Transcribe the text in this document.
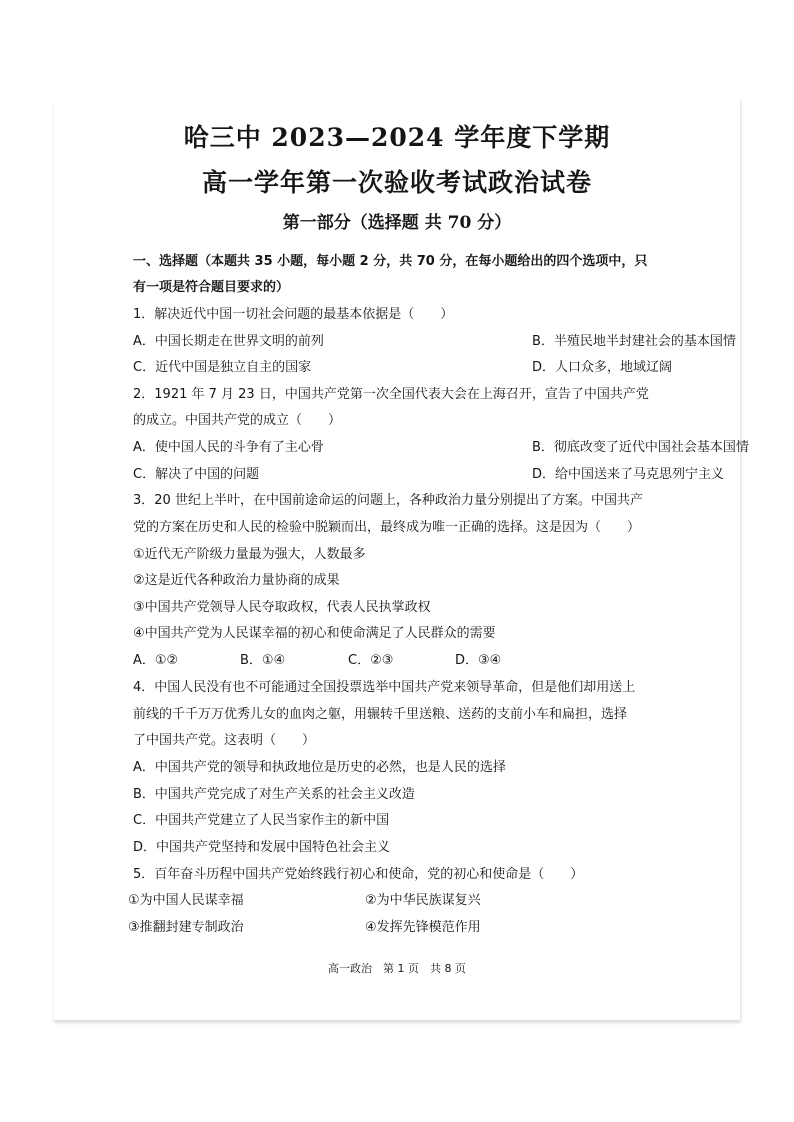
哈三中 2023—2024 学年度下学期
高一学年第一次验收考试政治试卷
第一部分（选择题 共 70 分）

一、选择题（本题共 35 小题，每小题 2 分，共 70 分，在每小题给出的四个选项中，只

有一项是符合题目要求的）

1．解决近代中国一切社会问题的最基本依据是（　　）

A．中国长期走在世界文明的前列	B．半殖民地半封建社会的基本国情

C．近代中国是独立自主的国家	D．人口众多，地域辽阔

2．1921 年 7 月 23 日，中国共产党第一次全国代表大会在上海召开，宣告了中国共产党

的成立。中国共产党的成立（　　）

A．使中国人民的斗争有了主心骨	B．彻底改变了近代中国社会基本国情

C．解决了中国的问题	D．给中国送来了马克思列宁主义

3．20 世纪上半叶，在中国前途命运的问题上，各种政治力量分别提出了方案。中国共产

党的方案在历史和人民的检验中脱颖而出，最终成为唯一正确的选择。这是因为（　　）

①近代无产阶级力量最为强大，人数最多

②这是近代各种政治力量协商的成果

③中国共产党领导人民夺取政权，代表人民执掌政权

④中国共产党为人民谋幸福的初心和使命满足了人民群众的需要

A．①②	B．①④	C．②③	D．③④

4．中国人民没有也不可能通过全国投票选举中国共产党来领导革命，但是他们却用送上

前线的千千万万优秀儿女的血肉之躯，用辗转千里送粮、送药的支前小车和扁担，选择

了中国共产党。这表明（　　）

A．中国共产党的领导和执政地位是历史的必然，也是人民的选择

B．中国共产党完成了对生产关系的社会主义改造

C．中国共产党建立了人民当家作主的新中国

D．中国共产党坚持和发展中国特色社会主义

5．百年奋斗历程中国共产党始终践行初心和使命，党的初心和使命是（　　）

①为中国人民谋幸福	②为中华民族谋复兴

③推翻封建专制政治	④发挥先锋模范作用

高一政治　第 1 页　共 8 页
